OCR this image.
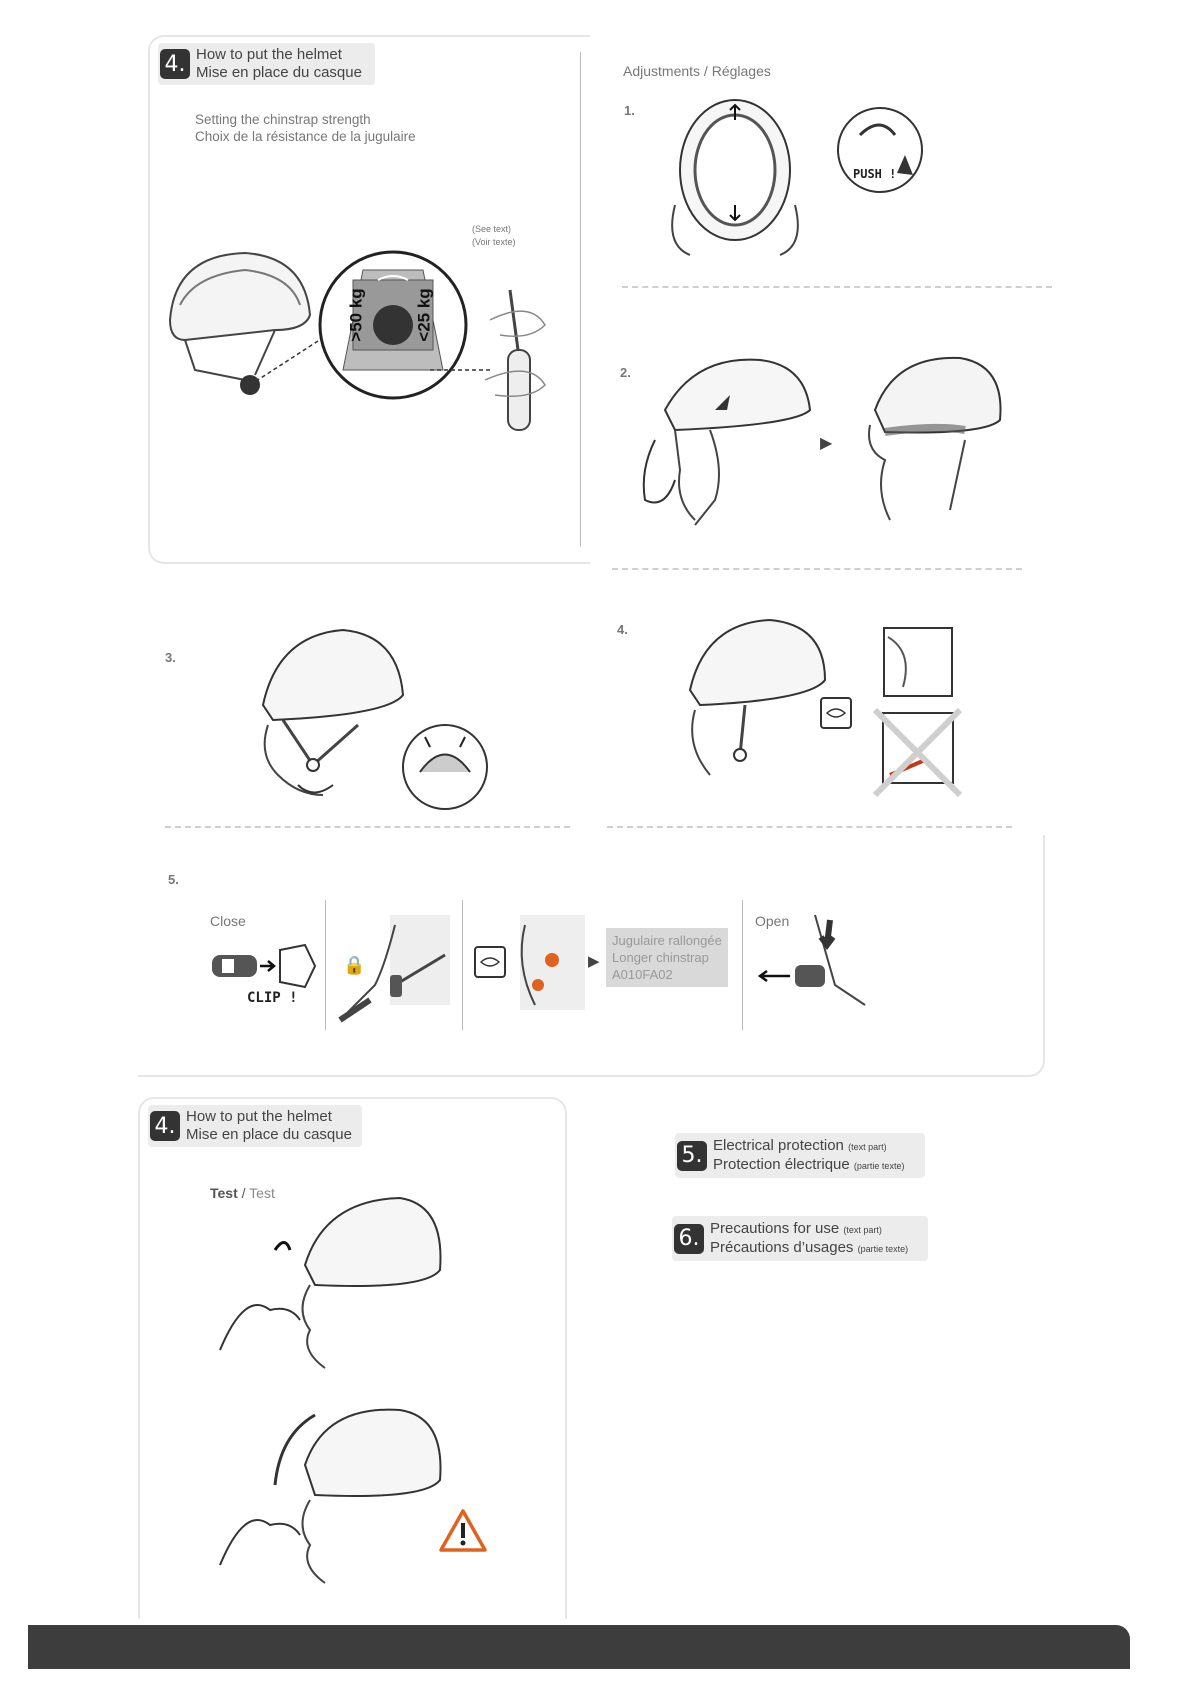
4. How to put the helmet
Mise en place du casque
Setting the chinstrap strength
Choix de la résistance de la jugulaire
(See text)
(Voir texte)
>50 kg	<25 kg
Adjustments / Réglages
1.
PUSH !
2.
▶
3.
4.
5.
Close
CLIP !
🔒	▶
Jugulaire rallongée
Longer chinstrap
A010FA02
Open
4. How to put the helmet
Mise en place du casque
Test / Test
5. Electrical protection (text part)
Protection électrique (partie texte)
6. Precautions for use (text part)
Précautions d’usages (partie texte)
